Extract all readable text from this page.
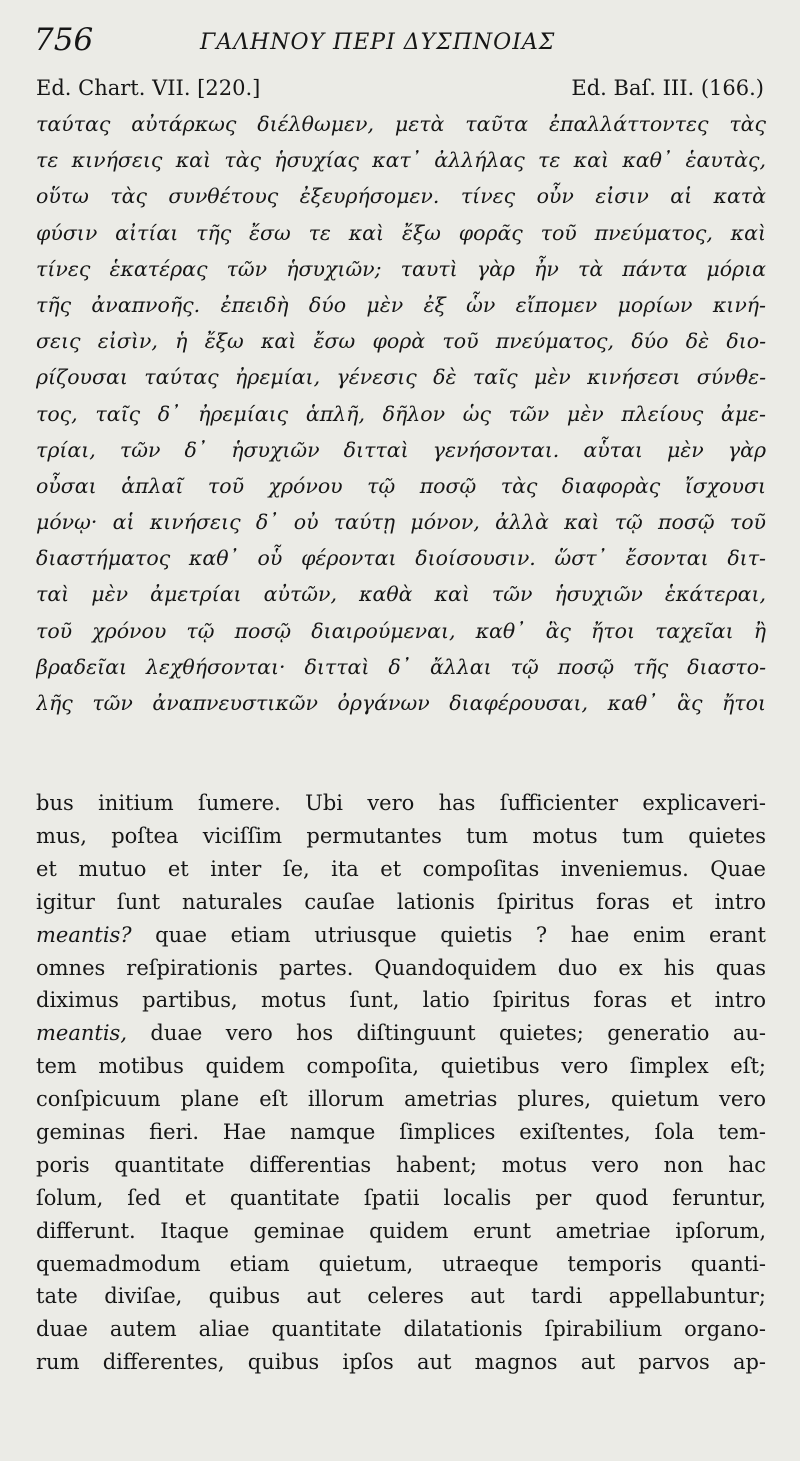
756	ΓΑΛΗΝΟΥ ΠΕΡΙ ΔΥΣΠΝΟΙΑΣ
Ed. Chart. VII. [220.]	Ed. Baſ. III. (166.)
ταύτας αὐτάρκως διέλθωμεν, μετὰ ταῦτα ἐπαλλάττοντες τὰς
τε κινήσεις καὶ τὰς ἡσυχίας κατ᾽ ἀλλήλας τε καὶ καθ᾽ ἑαυτὰς,
οὕτω τὰς συνθέτους ἐξευρήσομεν. τίνες οὖν εἰσιν αἱ κατὰ
φύσιν αἰτίαι τῆς ἔσω τε καὶ ἔξω φορᾶς τοῦ πνεύματος, καὶ
τίνες ἑκατέρας τῶν ἡσυχιῶν; ταυτὶ γὰρ ἦν τὰ πάντα μόρια
τῆς ἀναπνοῆς. ἐπειδὴ δύο μὲν ἐξ ὧν εἴπομεν μορίων κινή-
σεις εἰσὶν, ἡ ἔξω καὶ ἔσω φορὰ τοῦ πνεύματος, δύο δὲ διο-
ρίζουσαι ταύτας ἠρεμίαι, γένεσις δὲ ταῖς μὲν κινήσεσι σύνθε-
τος, ταῖς δ᾽ ἠρεμίαις ἁπλῆ, δῆλον ὡς τῶν μὲν πλείους ἀμε-
τρίαι, τῶν δ᾽ ἡσυχιῶν διτταὶ γενήσονται. αὗται μὲν γὰρ
οὖσαι ἁπλαῖ τοῦ χρόνου τῷ ποσῷ τὰς διαφορὰς ἴσχουσι
μόνῳ· αἱ κινήσεις δ᾽ οὐ ταύτῃ μόνον, ἀλλὰ καὶ τῷ ποσῷ τοῦ
διαστήματος καθ᾽ οὗ φέρονται διοίσουσιν. ὥστ᾽ ἔσονται διτ-
ταὶ μὲν ἀμετρίαι αὐτῶν, καθὰ καὶ τῶν ἡσυχιῶν ἑκάτεραι,
τοῦ χρόνου τῷ ποσῷ διαιρούμεναι, καθ᾽ ἃς ἤτοι ταχεῖαι ἢ
βραδεῖαι λεχθήσονται· διτταὶ δ᾽ ἄλλαι τῷ ποσῷ τῆς διαστο-
λῆς τῶν ἀναπνευστικῶν ὀργάνων διαφέρουσαι, καθ᾽ ἃς ἤτοι
bus initium ſumere. Ubi vero has ſufficienter explicaveri-
mus, poſtea viciſſim permutantes tum motus tum quietes
et mutuo et inter ſe, ita et compoſitas inveniemus. Quae
igitur ſunt naturales cauſae lationis ſpiritus foras et intro
meantis? quae etiam utriusque quietis ? hae enim erant
omnes reſpirationis partes. Quandoquidem duo ex his quas
diximus partibus, motus ſunt, latio ſpiritus foras et intro
meantis, duae vero hos diſtinguunt quietes; generatio au-
tem motibus quidem compoſita, quietibus vero ſimplex eſt;
conſpicuum plane eſt illorum ametrias plures, quietum vero
geminas fieri. Hae namque ſimplices exiſtentes, ſola tem-
poris quantitate differentias habent; motus vero non hac
ſolum, ſed et quantitate ſpatii localis per quod feruntur,
differunt. Itaque geminae quidem erunt ametriae ipſorum,
quemadmodum etiam quietum, utraeque temporis quanti-
tate diviſae, quibus aut celeres aut tardi appellabuntur;
duae autem aliae quantitate dilatationis ſpirabilium organo-
rum differentes, quibus ipſos aut magnos aut parvos ap-
